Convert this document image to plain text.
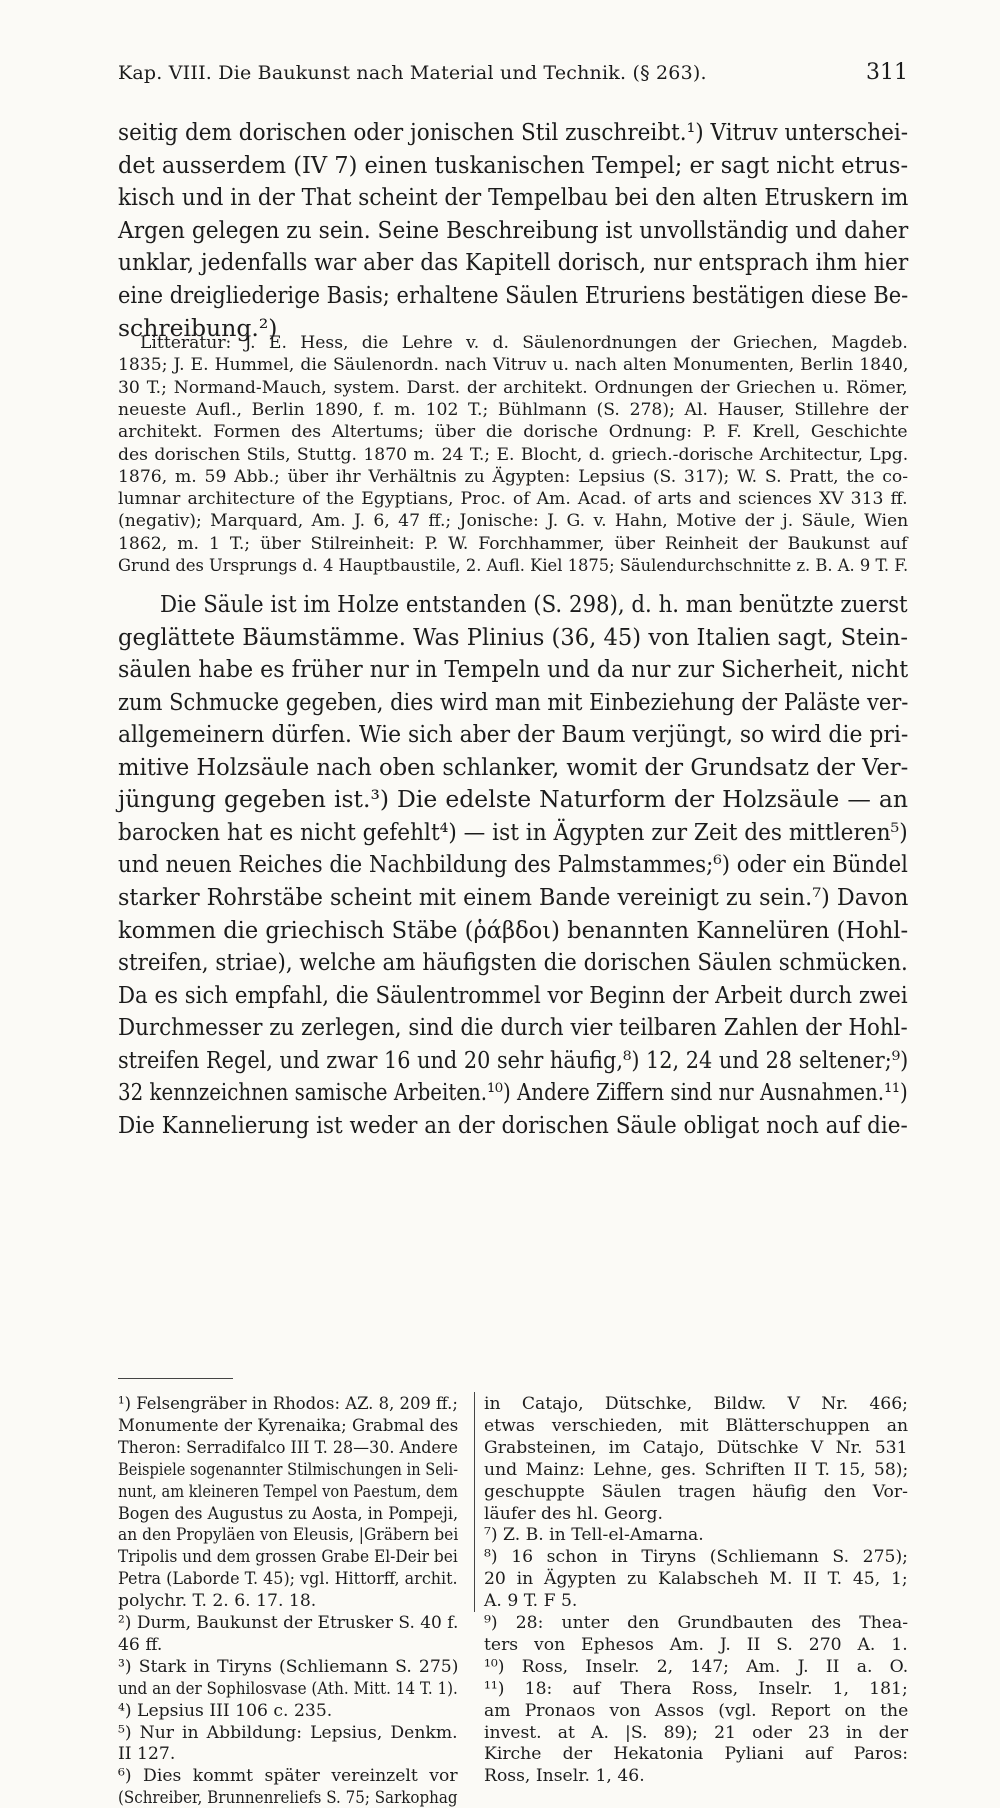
Kap. VIII. Die Baukunst nach Material und Technik. (§ 263).	311
seitig dem dorischen oder jonischen Stil zuschreibt.¹) Vitruv unterschei-
det ausserdem (IV 7) einen tuskanischen Tempel; er sagt nicht etrus-
kisch und in der That scheint der Tempelbau bei den alten Etruskern im
Argen gelegen zu sein. Seine Beschreibung ist unvollständig und daher
unklar, jedenfalls war aber das Kapitell dorisch, nur entsprach ihm hier
eine dreigliederige Basis; erhaltene Säulen Etruriens bestätigen diese Be-
schreibung.²)
Litteratur: J. E. Hess, die Lehre v. d. Säulenordnungen der Griechen, Magdeb.
1835; J. E. Hummel, die Säulenordn. nach Vitruv u. nach alten Monumenten, Berlin 1840,
30 T.; Normand-Mauch, system. Darst. der architekt. Ordnungen der Griechen u. Römer,
neueste Aufl., Berlin 1890, f. m. 102 T.; Bühlmann (S. 278); Al. Hauser, Stillehre der
architekt. Formen des Altertums; über die dorische Ordnung: P. F. Krell, Geschichte
des dorischen Stils, Stuttg. 1870 m. 24 T.; E. Blocht, d. griech.-dorische Architectur, Lpg.
1876, m. 59 Abb.; über ihr Verhältnis zu Ägypten: Lepsius (S. 317); W. S. Pratt, the co-
lumnar architecture of the Egyptians, Proc. of Am. Acad. of arts and sciences XV 313 ff.
(negativ); Marquard, Am. J. 6, 47 ff.; Jonische: J. G. v. Hahn, Motive der j. Säule, Wien
1862, m. 1 T.; über Stilreinheit: P. W. Forchhammer, über Reinheit der Baukunst auf
Grund des Ursprungs d. 4 Hauptbaustile, 2. Aufl. Kiel 1875; Säulendurchschnitte z. B. A. 9 T. F.
Die Säule ist im Holze entstanden (S. 298), d. h. man benützte zuerst
geglättete Bäumstämme. Was Plinius (36, 45) von Italien sagt, Stein-
säulen habe es früher nur in Tempeln und da nur zur Sicherheit, nicht
zum Schmucke gegeben, dies wird man mit Einbeziehung der Paläste ver-
allgemeinern dürfen. Wie sich aber der Baum verjüngt, so wird die pri-
mitive Holzsäule nach oben schlanker, womit der Grundsatz der Ver-
jüngung gegeben ist.³) Die edelste Naturform der Holzsäule — an
barocken hat es nicht gefehlt⁴) — ist in Ägypten zur Zeit des mittleren⁵)
und neuen Reiches die Nachbildung des Palmstammes;⁶) oder ein Bündel
starker Rohrstäbe scheint mit einem Bande vereinigt zu sein.⁷) Davon
kommen die griechisch Stäbe (ῥάβδοι) benannten Kannelüren (Hohl-
streifen, striae), welche am häufigsten die dorischen Säulen schmücken.
Da es sich empfahl, die Säulentrommel vor Beginn der Arbeit durch zwei
Durchmesser zu zerlegen, sind die durch vier teilbaren Zahlen der Hohl-
streifen Regel, und zwar 16 und 20 sehr häufig,⁸) 12, 24 und 28 seltener;⁹)
32 kennzeichnen samische Arbeiten.¹⁰) Andere Ziffern sind nur Ausnahmen.¹¹)
Die Kannelierung ist weder an der dorischen Säule obligat noch auf die-
¹) Felsengräber in Rhodos: AZ. 8, 209 ff.;
Monumente der Kyrenaika; Grabmal des
Theron: Serradifalco III T. 28—30. Andere
Beispiele sogenannter Stilmischungen in Seli-
nunt, am kleineren Tempel von Paestum, dem
Bogen des Augustus zu Aosta, in Pompeji,
an den Propyläen von Eleusis, |Gräbern bei
Tripolis und dem grossen Grabe El-Deir bei
Petra (Laborde T. 45); vgl. Hittorff, archit.
polychr. T. 2. 6. 17. 18.
²) Durm, Baukunst der Etrusker S. 40 f.
46 ff.
³) Stark in Tiryns (Schliemann S. 275)
und an der Sophilosvase (Ath. Mitt. 14 T. 1).
⁴) Lepsius III 106 c. 235.
⁵) Nur in Abbildung: Lepsius, Denkm.
II 127.
⁶) Dies kommt später vereinzelt vor
(Schreiber, Brunnenreliefs S. 75; Sarkophag
in Catajo, Dütschke, Bildw. V Nr. 466;
etwas verschieden, mit Blätterschuppen an
Grabsteinen, im Catajo, Dütschke V Nr. 531
und Mainz: Lehne, ges. Schriften II T. 15, 58);
geschuppte Säulen tragen häufig den Vor-
läufer des hl. Georg.
⁷) Z. B. in Tell-el-Amarna.
⁸) 16 schon in Tiryns (Schliemann S. 275);
20 in Ägypten zu Kalabscheh M. II T. 45, 1;
A. 9 T. F 5.
⁹) 28: unter den Grundbauten des Thea-
ters von Ephesos Am. J. II S. 270 A. 1.
¹⁰) Ross, Inselr. 2, 147; Am. J. II a. O.
¹¹) 18: auf Thera Ross, Inselr. 1, 181;
am Pronaos von Assos (vgl. Report on the
invest. at A. |S. 89); 21 oder 23 in der
Kirche der Hekatonia Pyliani auf Paros:
Ross, Inselr. 1, 46.
